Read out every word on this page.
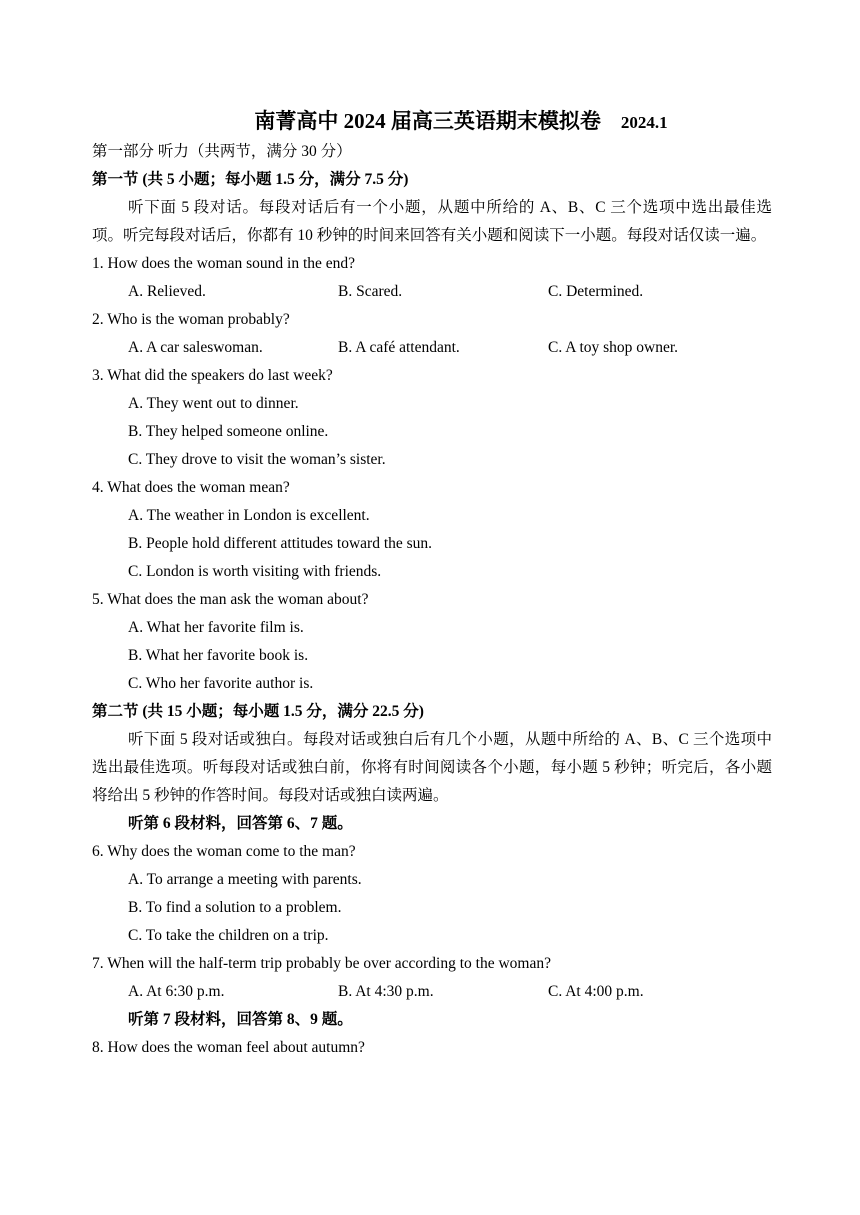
南菁高中 2024 届高三英语期末模拟卷 2024.1
第一部分 听力（共两节，满分 30 分）
第一节 (共 5 小题；每小题 1.5 分，满分 7.5 分)

听下面 5 段对话。每段对话后有一个小题，从题中所给的 A、B、C 三个选项中选出最佳选项。听完每段对话后，你都有 10 秒钟的时间来回答有关小题和阅读下一小题。每段对话仅读一遍。

1. How does the woman sound in the end?
A. Relieved.	B. Scared.	C. Determined.
2. Who is the woman probably?
A. A car saleswoman.	B. A café attendant.	C. A toy shop owner.
3. What did the speakers do last week?
A. They went out to dinner.
B. They helped someone online.
C. They drove to visit the woman’s sister.
4. What does the woman mean?
A. The weather in London is excellent.
B. People hold different attitudes toward the sun.
C. London is worth visiting with friends.
5. What does the man ask the woman about?
A. What her favorite film is.
B. What her favorite book is.
C. Who her favorite author is.
第二节 (共 15 小题；每小题 1.5 分，满分 22.5 分)

听下面 5 段对话或独白。每段对话或独白后有几个小题，从题中所给的 A、B、C 三个选项中选出最佳选项。听每段对话或独白前，你将有时间阅读各个小题，每小题 5 秒钟；听完后，各小题将给出 5 秒钟的作答时间。每段对话或独白读两遍。

听第 6 段材料，回答第 6、7 题。
6. Why does the woman come to the man?
A. To arrange a meeting with parents.
B. To find a solution to a problem.
C. To take the children on a trip.
7. When will the half-term trip probably be over according to the woman?
A. At 6:30 p.m.	B. At 4:30 p.m.	C. At 4:00 p.m.
听第 7 段材料，回答第 8、9 题。
8. How does the woman feel about autumn?
